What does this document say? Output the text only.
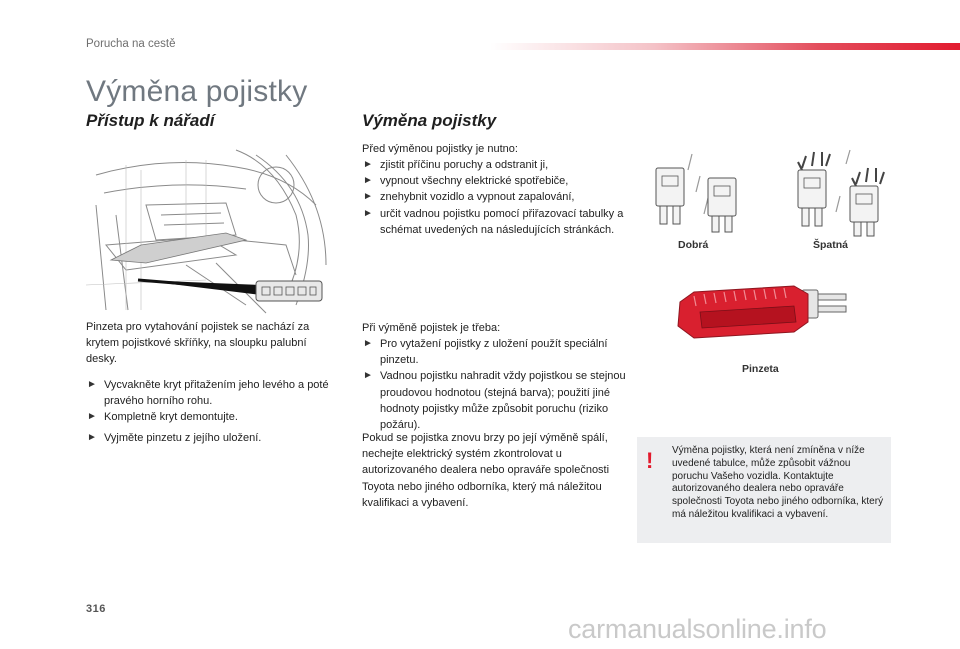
Porucha na cestě
Výměna pojistky
Přístup k nářadí
Pinzeta pro vytahování pojistek se nachází za krytem pojistkové skříňky, na sloupku palubní desky.
► Vycvakněte kryt přitažením jeho levého a poté pravého horního rohu.
► Kompletně kryt demontujte.
► Vyjměte pinzetu z jejího uložení.
Výměna pojistky
Před výměnou pojistky je nutno:
► zjistit příčinu poruchy a odstranit ji,
► vypnout všechny elektrické spotřebiče,
► znehybnit vozidlo a vypnout zapalování,
► určit vadnou pojistku pomocí přiřazovací tabulky a schémat uvedených na následujících stránkách.
Při výměně pojistek je třeba:
► Pro vytažení pojistky z uložení použít speciální pinzetu.
► Vadnou pojistku nahradit vždy pojistkou se stejnou proudovou hodnotou (stejná barva); použití jiné hodnoty pojistky může způsobit poruchu (riziko požáru).
Pokud se pojistka znovu brzy po její výměně spálí, nechejte elektrický systém zkontrolovat u autorizovaného dealera nebo opravářе společnosti Toyota nebo jiného odborníka, který má náležitou kvalifikaci a vybavení.
Dobrá	Špatná
Pinzeta
! Výměna pojistky, která není zmíněna v níže uvedené tabulce, může způsobit vážnou poruchu Vašeho vozidla. Kontaktujte autorizovaného dealera nebo opravářе společnosti Toyota nebo jiného odborníka, který má náležitou kvalifikaci a vybavení.
316
carmanualsonline.info
